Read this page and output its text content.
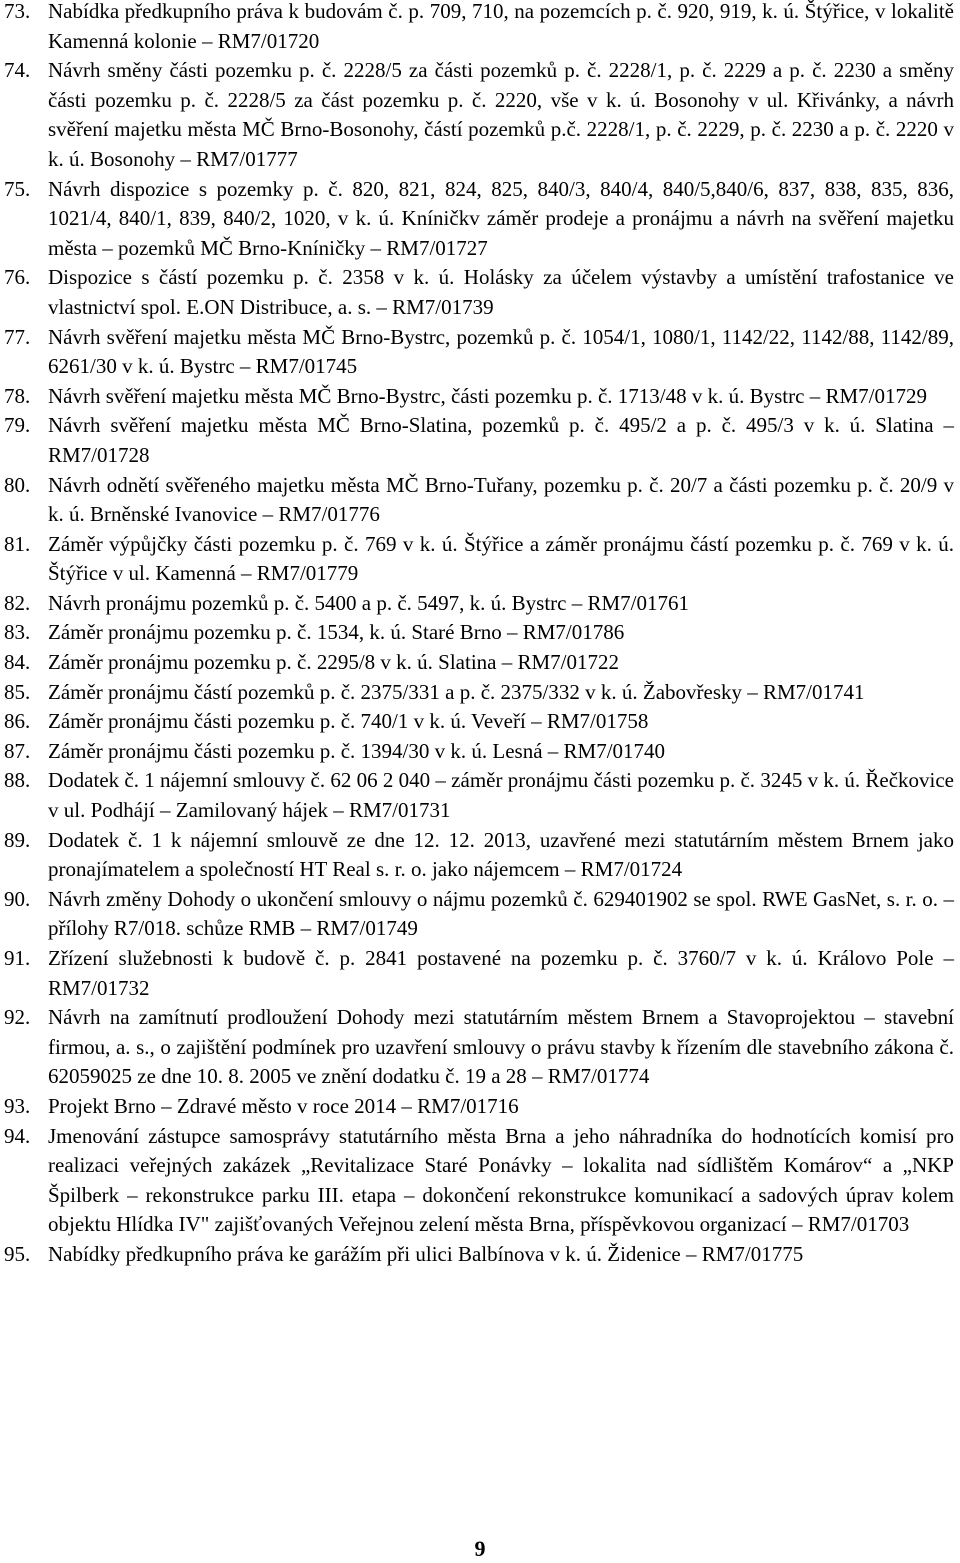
73. Nabídka předkupního práva k budovám č. p. 709, 710, na pozemcích p. č. 920, 919, k. ú. Štýřice, v lokalitě Kamenná kolonie – RM7/01720
74. Návrh směny části pozemku p. č. 2228/5 za části pozemků p. č. 2228/1, p. č. 2229 a p. č. 2230 a směny části pozemku p. č. 2228/5 za část pozemku p. č. 2220, vše v k. ú. Bosonohy v ul. Křivánky, a návrh svěření majetku města MČ Brno-Bosonohy, částí pozemků p.č. 2228/1, p. č. 2229, p. č. 2230 a p. č. 2220 v k. ú. Bosonohy – RM7/01777
75. Návrh dispozice s pozemky p. č. 820, 821, 824, 825, 840/3, 840/4, 840/5,840/6, 837, 838, 835, 836, 1021/4, 840/1, 839, 840/2, 1020, v k. ú. Kníničkv záměr prodeje a pronájmu a návrh na svěření majetku města – pozemků MČ Brno-Kníničky – RM7/01727
76. Dispozice s částí pozemku p. č. 2358 v k. ú. Holásky za účelem výstavby a umístění trafostanice ve vlastnictví spol. E.ON Distribuce, a. s. – RM7/01739
77. Návrh svěření majetku města MČ Brno-Bystrc, pozemků p. č. 1054/1, 1080/1, 1142/22, 1142/88, 1142/89, 6261/30 v k. ú. Bystrc – RM7/01745
78. Návrh svěření majetku města MČ Brno-Bystrc, části pozemku p. č. 1713/48 v k. ú. Bystrc – RM7/01729
79. Návrh svěření majetku města MČ Brno-Slatina, pozemků p. č. 495/2 a p. č. 495/3 v k. ú. Slatina – RM7/01728
80. Návrh odnětí svěřeného majetku města MČ Brno-Tuřany, pozemku p. č. 20/7 a části pozemku p. č. 20/9 v k. ú. Brněnské Ivanovice – RM7/01776
81. Záměr výpůjčky části pozemku p. č. 769 v k. ú. Štýřice a záměr pronájmu částí pozemku p. č. 769 v k. ú. Štýřice v ul. Kamenná – RM7/01779
82. Návrh pronájmu pozemků p. č. 5400 a p. č. 5497, k. ú. Bystrc – RM7/01761
83. Záměr pronájmu pozemku p. č. 1534, k. ú. Staré Brno – RM7/01786
84. Záměr pronájmu pozemku p. č. 2295/8 v k. ú. Slatina – RM7/01722
85. Záměr pronájmu částí pozemků p. č. 2375/331 a p. č. 2375/332 v k. ú. Žabovřesky – RM7/01741
86. Záměr pronájmu části pozemku p. č. 740/1 v k. ú. Veveří – RM7/01758
87. Záměr pronájmu části pozemku p. č. 1394/30 v k. ú. Lesná – RM7/01740
88. Dodatek č. 1 nájemní smlouvy č. 62 06 2 040 – záměr pronájmu části pozemku p. č. 3245 v k. ú. Řečkovice v ul. Podhájí – Zamilovaný hájek – RM7/01731
89. Dodatek č. 1 k nájemní smlouvě ze dne 12. 12. 2013, uzavřené mezi statutárním městem Brnem jako pronajímatelem a společností HT Real s. r. o. jako nájemcem – RM7/01724
90. Návrh změny Dohody o ukončení smlouvy o nájmu pozemků č. 629401902 se spol. RWE GasNet, s. r. o. – přílohy R7/018. schůze RMB – RM7/01749
91. Zřízení služebnosti k budově č. p. 2841 postavené na pozemku p. č. 3760/7 v k. ú. Královo Pole – RM7/01732
92. Návrh na zamítnutí prodloužení Dohody mezi statutárním městem Brnem a Stavoprojektou – stavební firmou, a. s., o zajištění podmínek pro uzavření smlouvy o právu stavby k řízením dle stavebního zákona č. 62059025 ze dne 10. 8. 2005 ve znění dodatku č. 19 a 28 – RM7/01774
93. Projekt Brno – Zdravé město v roce 2014 – RM7/01716
94. Jmenování zástupce samosprávy statutárního města Brna a jeho náhradníka do hodnotících komisí pro realizaci veřejných zakázek „Revitalizace Staré Ponávky – lokalita nad sídlištěm Komárov“ a „NKP Špilberk – rekonstrukce parku III. etapa – dokončení rekonstrukce komunikací a sadových úprav kolem objektu Hlídka IV" zajišťovaných Veřejnou zelení města Brna, příspěvkovou organizací – RM7/01703
95. Nabídky předkupního práva ke garážím při ulici Balbínova v k. ú. Židenice – RM7/01775
9
